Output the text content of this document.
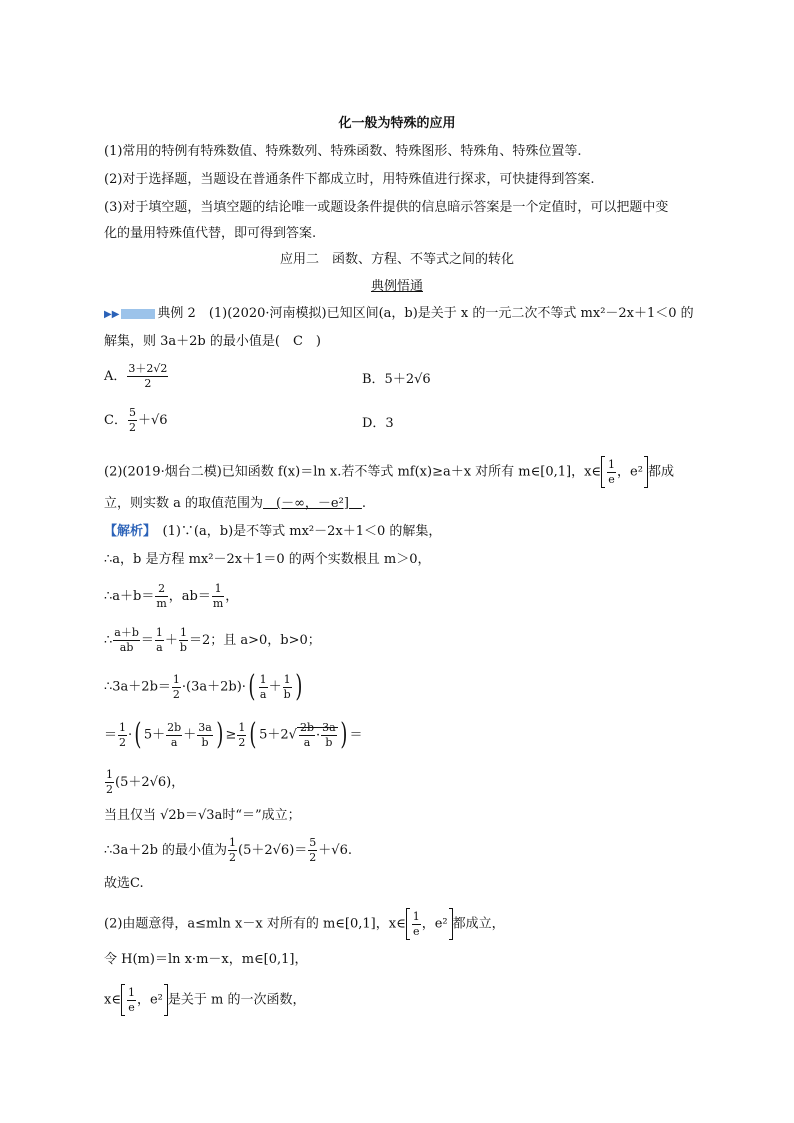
化一般为特殊的应用
(1)常用的特例有特殊数值、特殊数列、特殊函数、特殊图形、特殊角、特殊位置等.
(2)对于选择题，当题设在普通条件下都成立时，用特殊值进行探求，可快捷得到答案.
(3)对于填空题，当填空题的结论唯一或题设条件提供的信息暗示答案是一个定值时，可以把题中变
化的量用特殊值代替，即可得到答案.
应用二　函数、方程、不等式之间的转化
典例悟通
▶▶	典例 2　 (1)(2020·河南模拟)已知区间(a，b)是关于 x 的一元二次不等式 mx²－2x＋1＜0 的
解集，则 3a＋2b 的最小值是(　C　)
A． $\frac{3+2√2}{2}$	B．5＋2√6
C． $\frac{5}{2} +√6$	D．3
(2)(2019·烟台二模)已知函数 f(x)＝ln x.若不等式 mf(x)≥a＋x 对所有 m∈[0,1]，x∈ $\frac{1}{e}$ ，e² 都成
立，则实数 a 的取值范围为　(－∞，－e²]　.
【解析】　(1)∵(a，b)是不等式 mx²－2x＋1＜0 的解集，
∴a，b 是方程 mx²－2x＋1＝0 的两个实数根且 m＞0，
∴a＋b＝ $\frac{2}{m}$ ，$ab= \frac{1}{m}$ ，
∴ $\frac{a+b}{ab} = \frac{1}{a} + \frac{1}{b} =2$；且 a>0，b>0；
∴3a＋2b＝ $\frac{1}{2} \cdot(3a+2b)\cdot( \frac{1}{a} + \frac{1}{b}$ )
＝ $\frac{1}{2}$ ·( $5+ \frac{2b}{a} + \frac{3a}{b}$ ) ≥ $\frac{1}{2}$ ( $5+2√ \frac{2b}{a} \cdot \frac{3a}{b}$ ) ＝
$\frac{1}{2} (5+2√6)$，
当且仅当 √2b＝√3a时“＝”成立；
∴3a＋2b 的最小值为 $\frac{1}{2} (5+2√6)= \frac{5}{2} +√6$.
故选C.
(2)由题意得，a≤mln x－x 对所有的 m∈[0,1]，x∈ $\frac{1}{e}$ ，e² 都成立，
令 H(m)＝ln x·m－x，m∈[0,1]，
x∈ $\frac{1}{e}$ ，e² 是关于 m 的一次函数，
